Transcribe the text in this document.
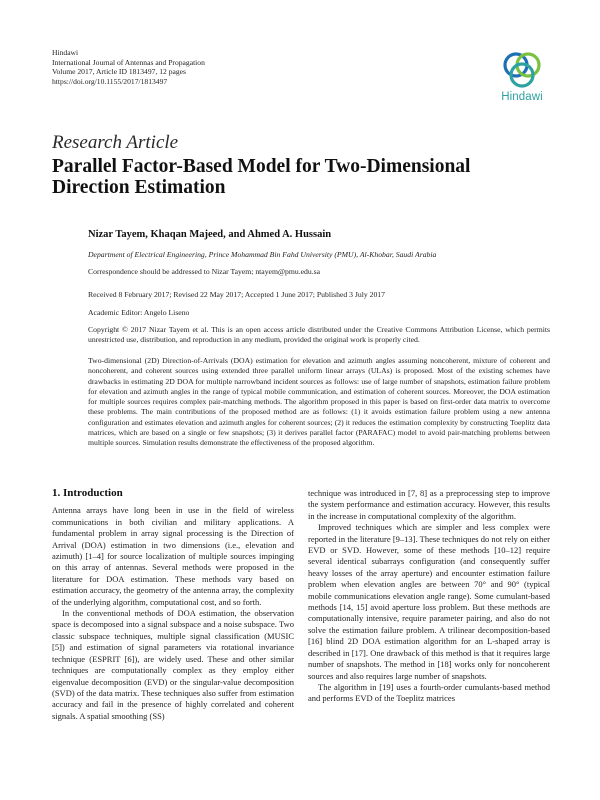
Hindawi
International Journal of Antennas and Propagation
Volume 2017, Article ID 1813497, 12 pages
https://doi.org/10.1155/2017/1813497
Hindawi
Research Article
Parallel Factor-Based Model for Two-Dimensional Direction Estimation
Nizar Tayem, Khaqan Majeed, and Ahmed A. Hussain
Department of Electrical Engineering, Prince Mohammad Bin Fahd University (PMU), Al-Khobar, Saudi Arabia
Correspondence should be addressed to Nizar Tayem; ntayem@pmu.edu.sa
Received 8 February 2017; Revised 22 May 2017; Accepted 1 June 2017; Published 3 July 2017
Academic Editor: Angelo Liseno
Copyright © 2017 Nizar Tayem et al. This is an open access article distributed under the Creative Commons Attribution License, which permits unrestricted use, distribution, and reproduction in any medium, provided the original work is properly cited.
Two-dimensional (2D) Direction-of-Arrivals (DOA) estimation for elevation and azimuth angles assuming noncoherent, mixture of coherent and noncoherent, and coherent sources using extended three parallel uniform linear arrays (ULAs) is proposed. Most of the existing schemes have drawbacks in estimating 2D DOA for multiple narrowband incident sources as follows: use of large number of snapshots, estimation failure problem for elevation and azimuth angles in the range of typical mobile communication, and estimation of coherent sources. Moreover, the DOA estimation for multiple sources requires complex pair-matching methods. The algorithm proposed in this paper is based on first-order data matrix to overcome these problems. The main contributions of the proposed method are as follows: (1) it avoids estimation failure problem using a new antenna configuration and estimates elevation and azimuth angles for coherent sources; (2) it reduces the estimation complexity by constructing Toeplitz data matrices, which are based on a single or few snapshots; (3) it derives parallel factor (PARAFAC) model to avoid pair-matching problems between multiple sources. Simulation results demonstrate the effectiveness of the proposed algorithm.
1. Introduction

Antenna arrays have long been in use in the field of wireless communications in both civilian and military applications. A fundamental problem in array signal processing is the Direction of Arrival (DOA) estimation in two dimensions (i.e., elevation and azimuth) [1–4] for source localization of multiple sources impinging on this array of antennas. Several methods were proposed in the literature for DOA estimation. These methods vary based on estimation accuracy, the geometry of the antenna array, the complexity of the underlying algorithm, computational cost, and so forth.

In the conventional methods of DOA estimation, the observation space is decomposed into a signal subspace and a noise subspace. Two classic subspace techniques, multiple signal classification (MUSIC [5]) and estimation of signal parameters via rotational invariance technique (ESPRIT [6]), are widely used. These and other similar techniques are computationally complex as they employ either eigenvalue decomposition (EVD) or the singular-value decomposition (SVD) of the data matrix. These techniques also suffer from estimation accuracy and fail in the presence of highly correlated and coherent signals. A spatial smoothing (SS)

technique was introduced in [7, 8] as a preprocessing step to improve the system performance and estimation accuracy. However, this results in the increase in computational complexity of the algorithm.

Improved techniques which are simpler and less complex were reported in the literature [9–13]. These techniques do not rely on either EVD or SVD. However, some of these methods [10–12] require several identical subarrays configuration (and consequently suffer heavy losses of the array aperture) and encounter estimation failure problem when elevation angles are between 70° and 90° (typical mobile communications elevation angle range). Some cumulant-based methods [14, 15] avoid aperture loss problem. But these methods are computationally intensive, require parameter pairing, and also do not solve the estimation failure problem. A trilinear decomposition-based [16] blind 2D DOA estimation algorithm for an L-shaped array is described in [17]. One drawback of this method is that it requires large number of snapshots. The method in [18] works only for noncoherent sources and also requires large number of snapshots.

The algorithm in [19] uses a fourth-order cumulants-based method and performs EVD of the Toeplitz matrices
